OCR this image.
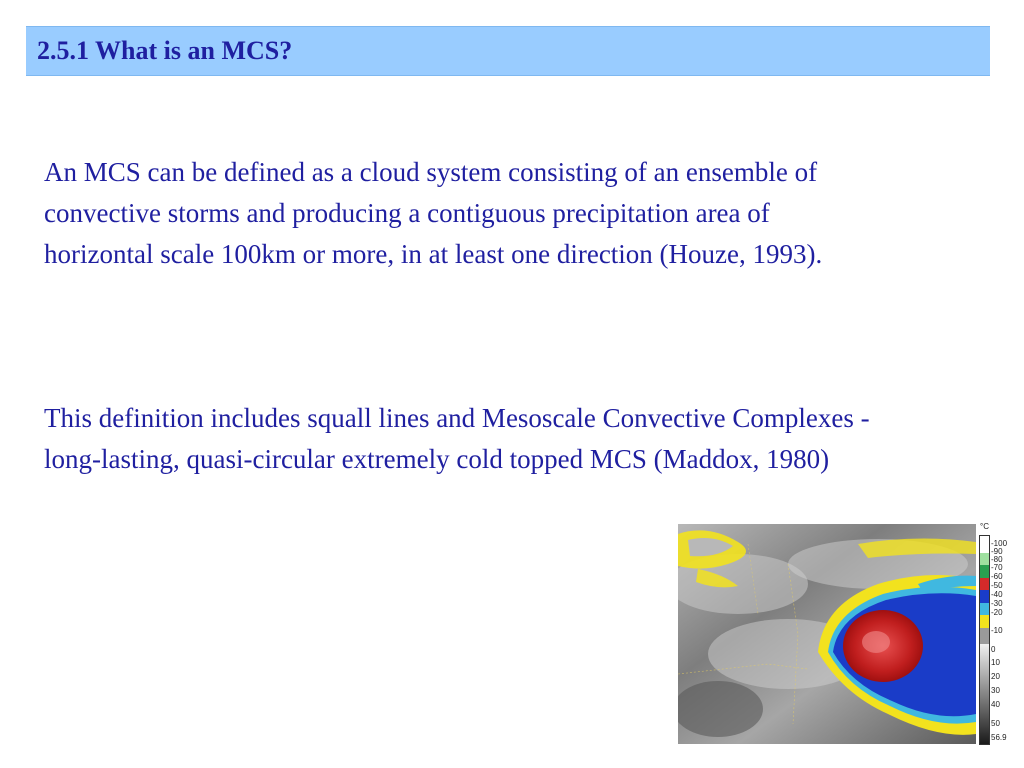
2.5.1 What is an MCS?
An MCS can be defined as a cloud system consisting of an ensemble of convective storms and producing a contiguous precipitation area of horizontal scale 100km or more, in at least one direction (Houze, 1993).
This definition includes squall lines and Mesoscale Convective Complexes - long-lasting, quasi-circular extremely cold topped MCS (Maddox, 1980)
°C
-100
-90
-80
-70
-60
-50
-40
-30
-20
-10
0
10
20
30
40
50
56.9
